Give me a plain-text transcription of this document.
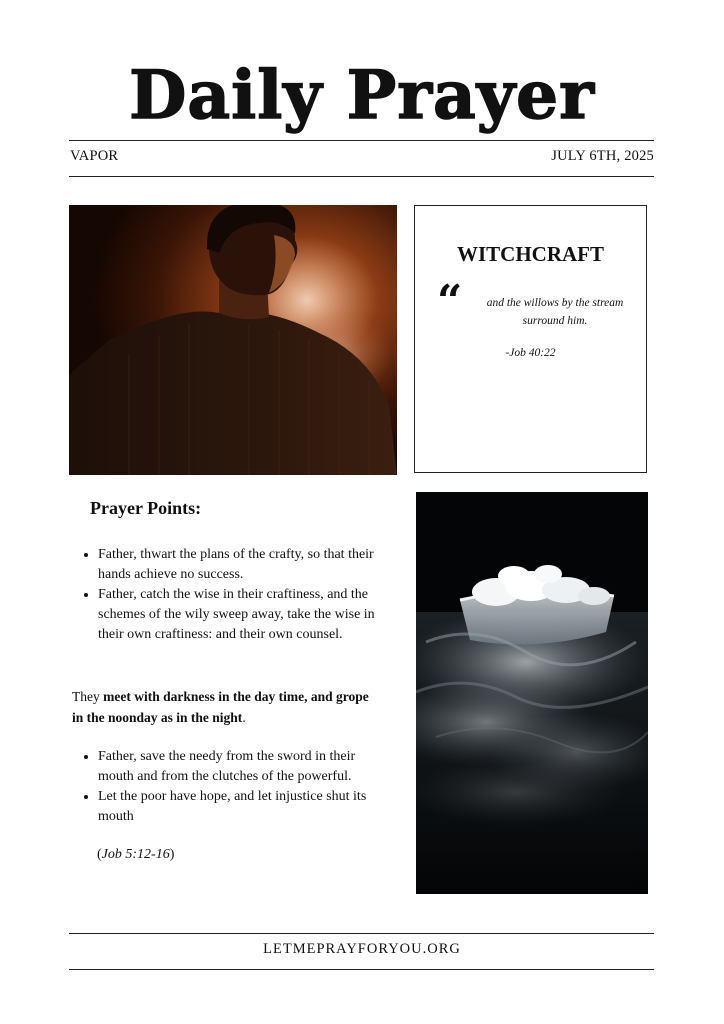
Daily Prayer
VAPOR	JULY 6TH, 2025
WITCHCRAFT
“	and the willows by the stream surround him.
-Job 40:22
Prayer Points:
• Father, thwart the plans of the crafty, so that their hands achieve no success.
• Father, catch the wise in their craftiness, and the schemes of the wily sweep away, take the wise in their own craftiness: and their own counsel.
They meet with darkness in the day time, and grope in the noonday as in the night.
• Father, save the needy from the sword in their mouth and from the clutches of the powerful.
• Let the poor have hope, and let injustice shut its mouth
(Job 5:12-16)
LETMEPRAYFORYOU.ORG
